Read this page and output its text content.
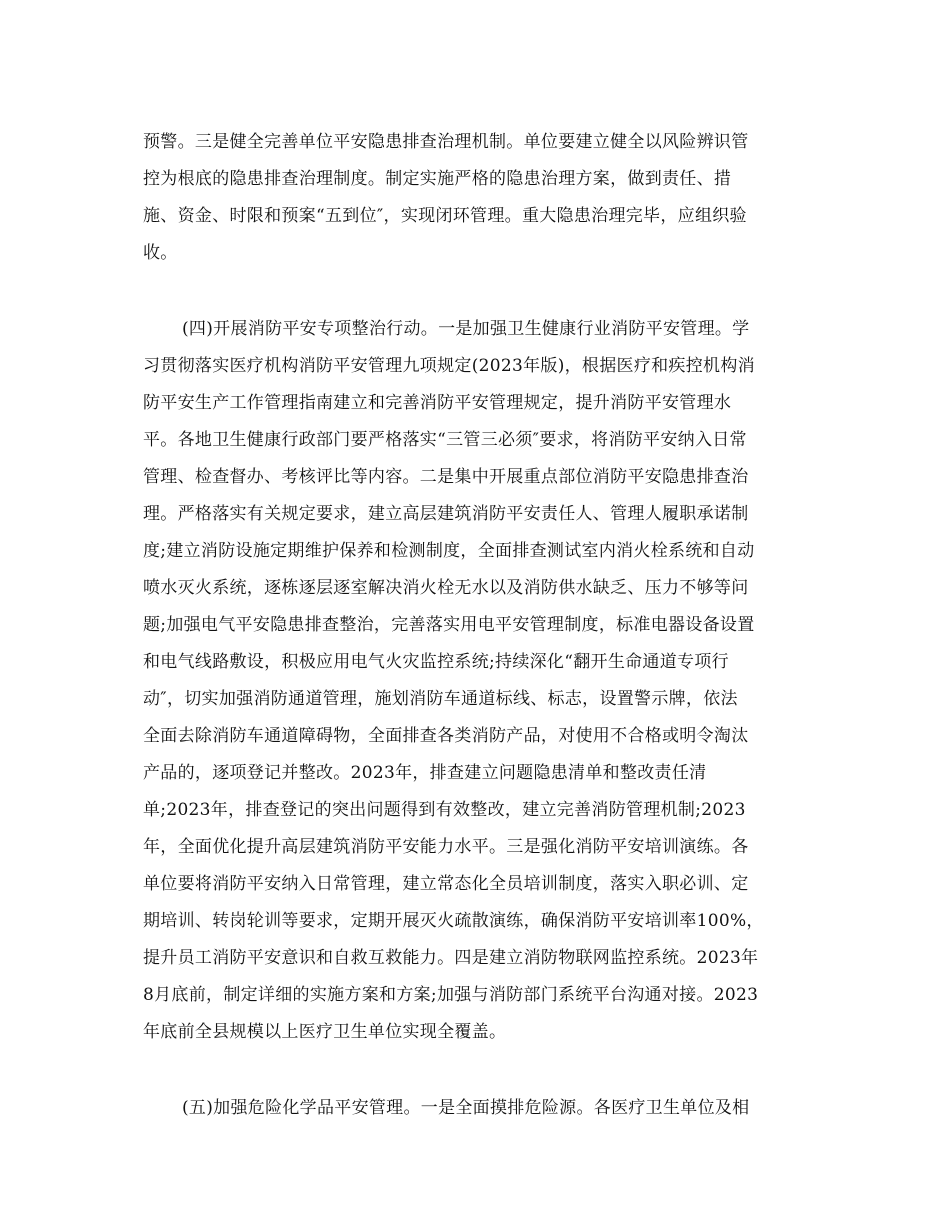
预警。三是健全完善单位平安隐患排查治理机制。单位要建立健全以风险辨识管
控为根底的隐患排查治理制度。制定实施严格的隐患治理方案，做到责任、措
施、资金、时限和预案“五到位″，实现闭环管理。重大隐患治理完毕，应组织验
收。
(四)开展消防平安专项整治行动。一是加强卫生健康行业消防平安管理。学
习贯彻落实医疗机构消防平安管理九项规定(2023年版)，根据医疗和疾控机构消
防平安生产工作管理指南建立和完善消防平安管理规定，提升消防平安管理水
平。各地卫生健康行政部门要严格落实“三管三必须″要求，将消防平安纳入日常
管理、检查督办、考核评比等内容。二是集中开展重点部位消防平安隐患排查治
理。严格落实有关规定要求，建立高层建筑消防平安责任人、管理人履职承诺制
度;建立消防设施定期维护保养和检测制度，全面排查测试室内消火栓系统和自动
喷水灭火系统，逐栋逐层逐室解决消火栓无水以及消防供水缺乏、压力不够等问
题;加强电气平安隐患排查整治，完善落实用电平安管理制度，标准电器设备设置
和电气线路敷设，积极应用电气火灾监控系统;持续深化“翻开生命通道专项行
动″，切实加强消防通道管理，施划消防车通道标线、标志，设置警示牌，依法
全面去除消防车通道障碍物，全面排查各类消防产品，对使用不合格或明令淘汰
产品的，逐项登记并整改。2023年，排查建立问题隐患清单和整改责任清
单;2023年，排查登记的突出问题得到有效整改，建立完善消防管理机制;2023
年，全面优化提升高层建筑消防平安能力水平。三是强化消防平安培训演练。各
单位要将消防平安纳入日常管理，建立常态化全员培训制度，落实入职必训、定
期培训、转岗轮训等要求，定期开展灭火疏散演练，确保消防平安培训率100%，
提升员工消防平安意识和自救互救能力。四是建立消防物联网监控系统。2023年
8月底前，制定详细的实施方案和方案;加强与消防部门系统平台沟通对接。2023
年底前全县规模以上医疗卫生单位实现全覆盖。
(五)加强危险化学品平安管理。一是全面摸排危险源。各医疗卫生单位及相
